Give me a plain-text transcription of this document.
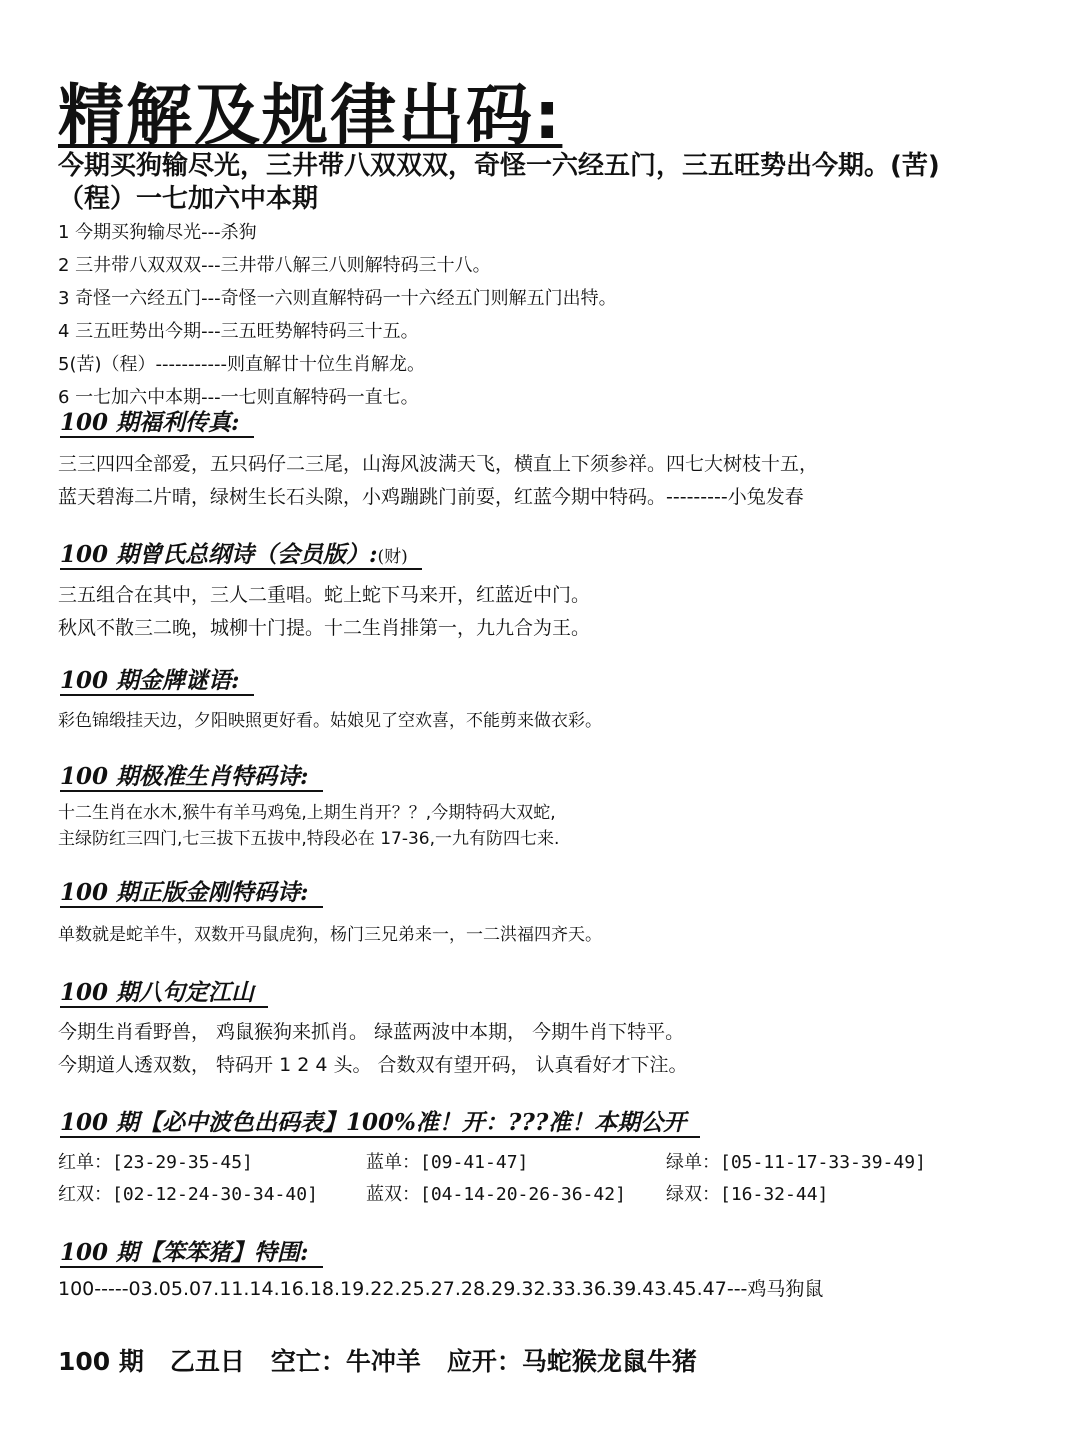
精解及规律出码:
今期买狗输尽光，三井带八双双双，奇怪一六经五门，三五旺势出今期。(苦)
（程）一七加六中本期
1 今期买狗输尽光---杀狗
2 三井带八双双双---三井带八解三八则解特码三十八。
3 奇怪一六经五门---奇怪一六则直解特码一十六经五门则解五门出特。
4 三五旺势出今期---三五旺势解特码三十五。
5(苦)（程）-----------则直解廿十位生肖解龙。
6 一七加六中本期---一七则直解特码一直七。
100 期福利传真:
三三四四全部爱，五只码仔二三尾，山海风波满天飞，横直上下须参祥。四七大树枝十五，
蓝天碧海二片晴，绿树生长石头隙，小鸡蹦跳门前耍，红蓝今期中特码。---------小兔发春
100 期曾氏总纲诗（会员版）:(财)
三五组合在其中，三人二重唱。蛇上蛇下马来开，红蓝近中门。
秋风不散三二晚，城柳十门提。十二生肖排第一，九九合为王。
100 期金牌谜语:
彩色锦缎挂天边，夕阳映照更好看。姑娘见了空欢喜，不能剪来做衣彩。
100 期极准生肖特码诗:
十二生肖在水木,猴牛有羊马鸡兔,上期生肖开？？,今期特码大双蛇,
主绿防红三四门,七三拔下五拔中,特段必在 17-36,一九有防四七来.
100 期正版金刚特码诗:
单数就是蛇羊牛，双数开马鼠虎狗，杨门三兄弟来一，一二洪福四齐天。
100 期八句定江山
今期生肖看野兽， 鸡鼠猴狗来抓肖。 绿蓝两波中本期， 今期牛肖下特平。
今期道人透双数， 特码开 1 2 4 头。 合数双有望开码， 认真看好才下注。
100 期【必中波色出码表】100%准！开：???准！本期公开
红单：[23-29-35-45]	蓝单：[09-41-47]	绿单：[05-11-17-33-39-49]
红双：[02-12-24-30-34-40]	蓝双：[04-14-20-26-36-42] 绿双：[16-32-44]
100 期【笨笨猪】特围:
100-----03.05.07.11.14.16.18.19.22.25.27.28.29.32.33.36.39.43.45.47---鸡马狗鼠
100 期 乙丑日 空亡：牛冲羊 应开：马蛇猴龙鼠牛猪
